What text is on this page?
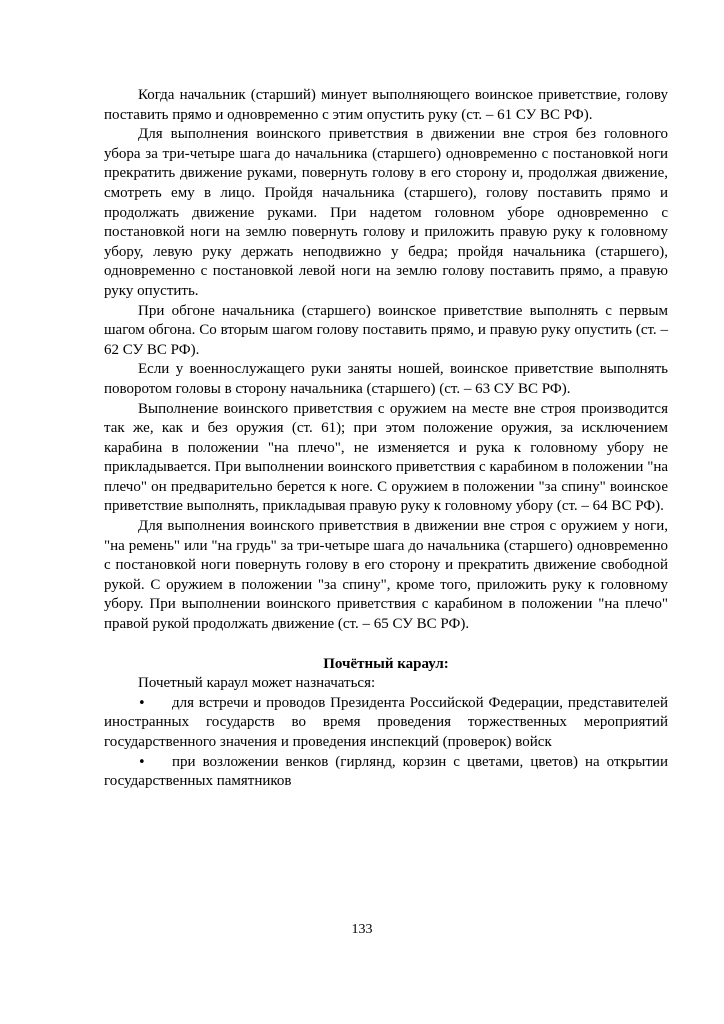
Когда начальник (старший) минует выполняющего воинское приветствие, голову поставить прямо и одновременно с этим опустить руку (ст. – 61 СУ ВС РФ).

Для выполнения воинского приветствия в движении вне строя без головного убора за три-четыре шага до начальника (старшего) одновременно с постановкой ноги прекратить движение руками, повернуть голову в его сторону и, продолжая движение, смотреть ему в лицо. Пройдя начальника (старшего), голову поставить прямо и продолжать движение руками. При надетом головном уборе одновременно с постановкой ноги на землю повернуть голову и приложить правую руку к головному убору, левую руку держать неподвижно у бедра; пройдя начальника (старшего), одновременно с постановкой левой ноги на землю голову поставить прямо, а правую руку опустить.

При обгоне начальника (старшего) воинское приветствие выполнять с первым шагом обгона. Со вторым шагом голову поставить прямо, и правую руку опустить (ст. – 62 СУ ВС РФ).

Если у военнослужащего руки заняты ношей, воинское приветствие выполнять поворотом головы в сторону начальника (старшего) (ст. – 63 СУ ВС РФ).

Выполнение воинского приветствия с оружием на месте вне строя производится так же, как и без оружия (ст. 61); при этом положение оружия, за исключением карабина в положении "на плечо", не изменяется и рука к головному убору не прикладывается. При выполнении воинского приветствия с карабином в положении "на плечо" он предварительно берется к ноге. С оружием в положении "за спину" воинское приветствие выполнять, прикладывая правую руку к головному убору (ст. – 64 ВС РФ).

Для выполнения воинского приветствия в движении вне строя с оружием у ноги, "на ремень" или "на грудь" за три-четыре шага до начальника (старшего) одновременно с постановкой ноги повернуть голову в его сторону и прекратить движение свободной рукой. С оружием в положении "за спину", кроме того, приложить руку к головному убору. При выполнении воинского приветствия с карабином в положении "на плечо" правой рукой продолжать движение (ст. – 65 СУ ВС РФ).

Почётный караул:

Почетный караул может назначаться:

• для встречи и проводов Президента Российской Федерации, представителей иностранных государств во время проведения торжественных мероприятий государственного значения и проведения инспекций (проверок) войск

• при возложении венков (гирлянд, корзин с цветами, цветов) на открытии государственных памятников

133
